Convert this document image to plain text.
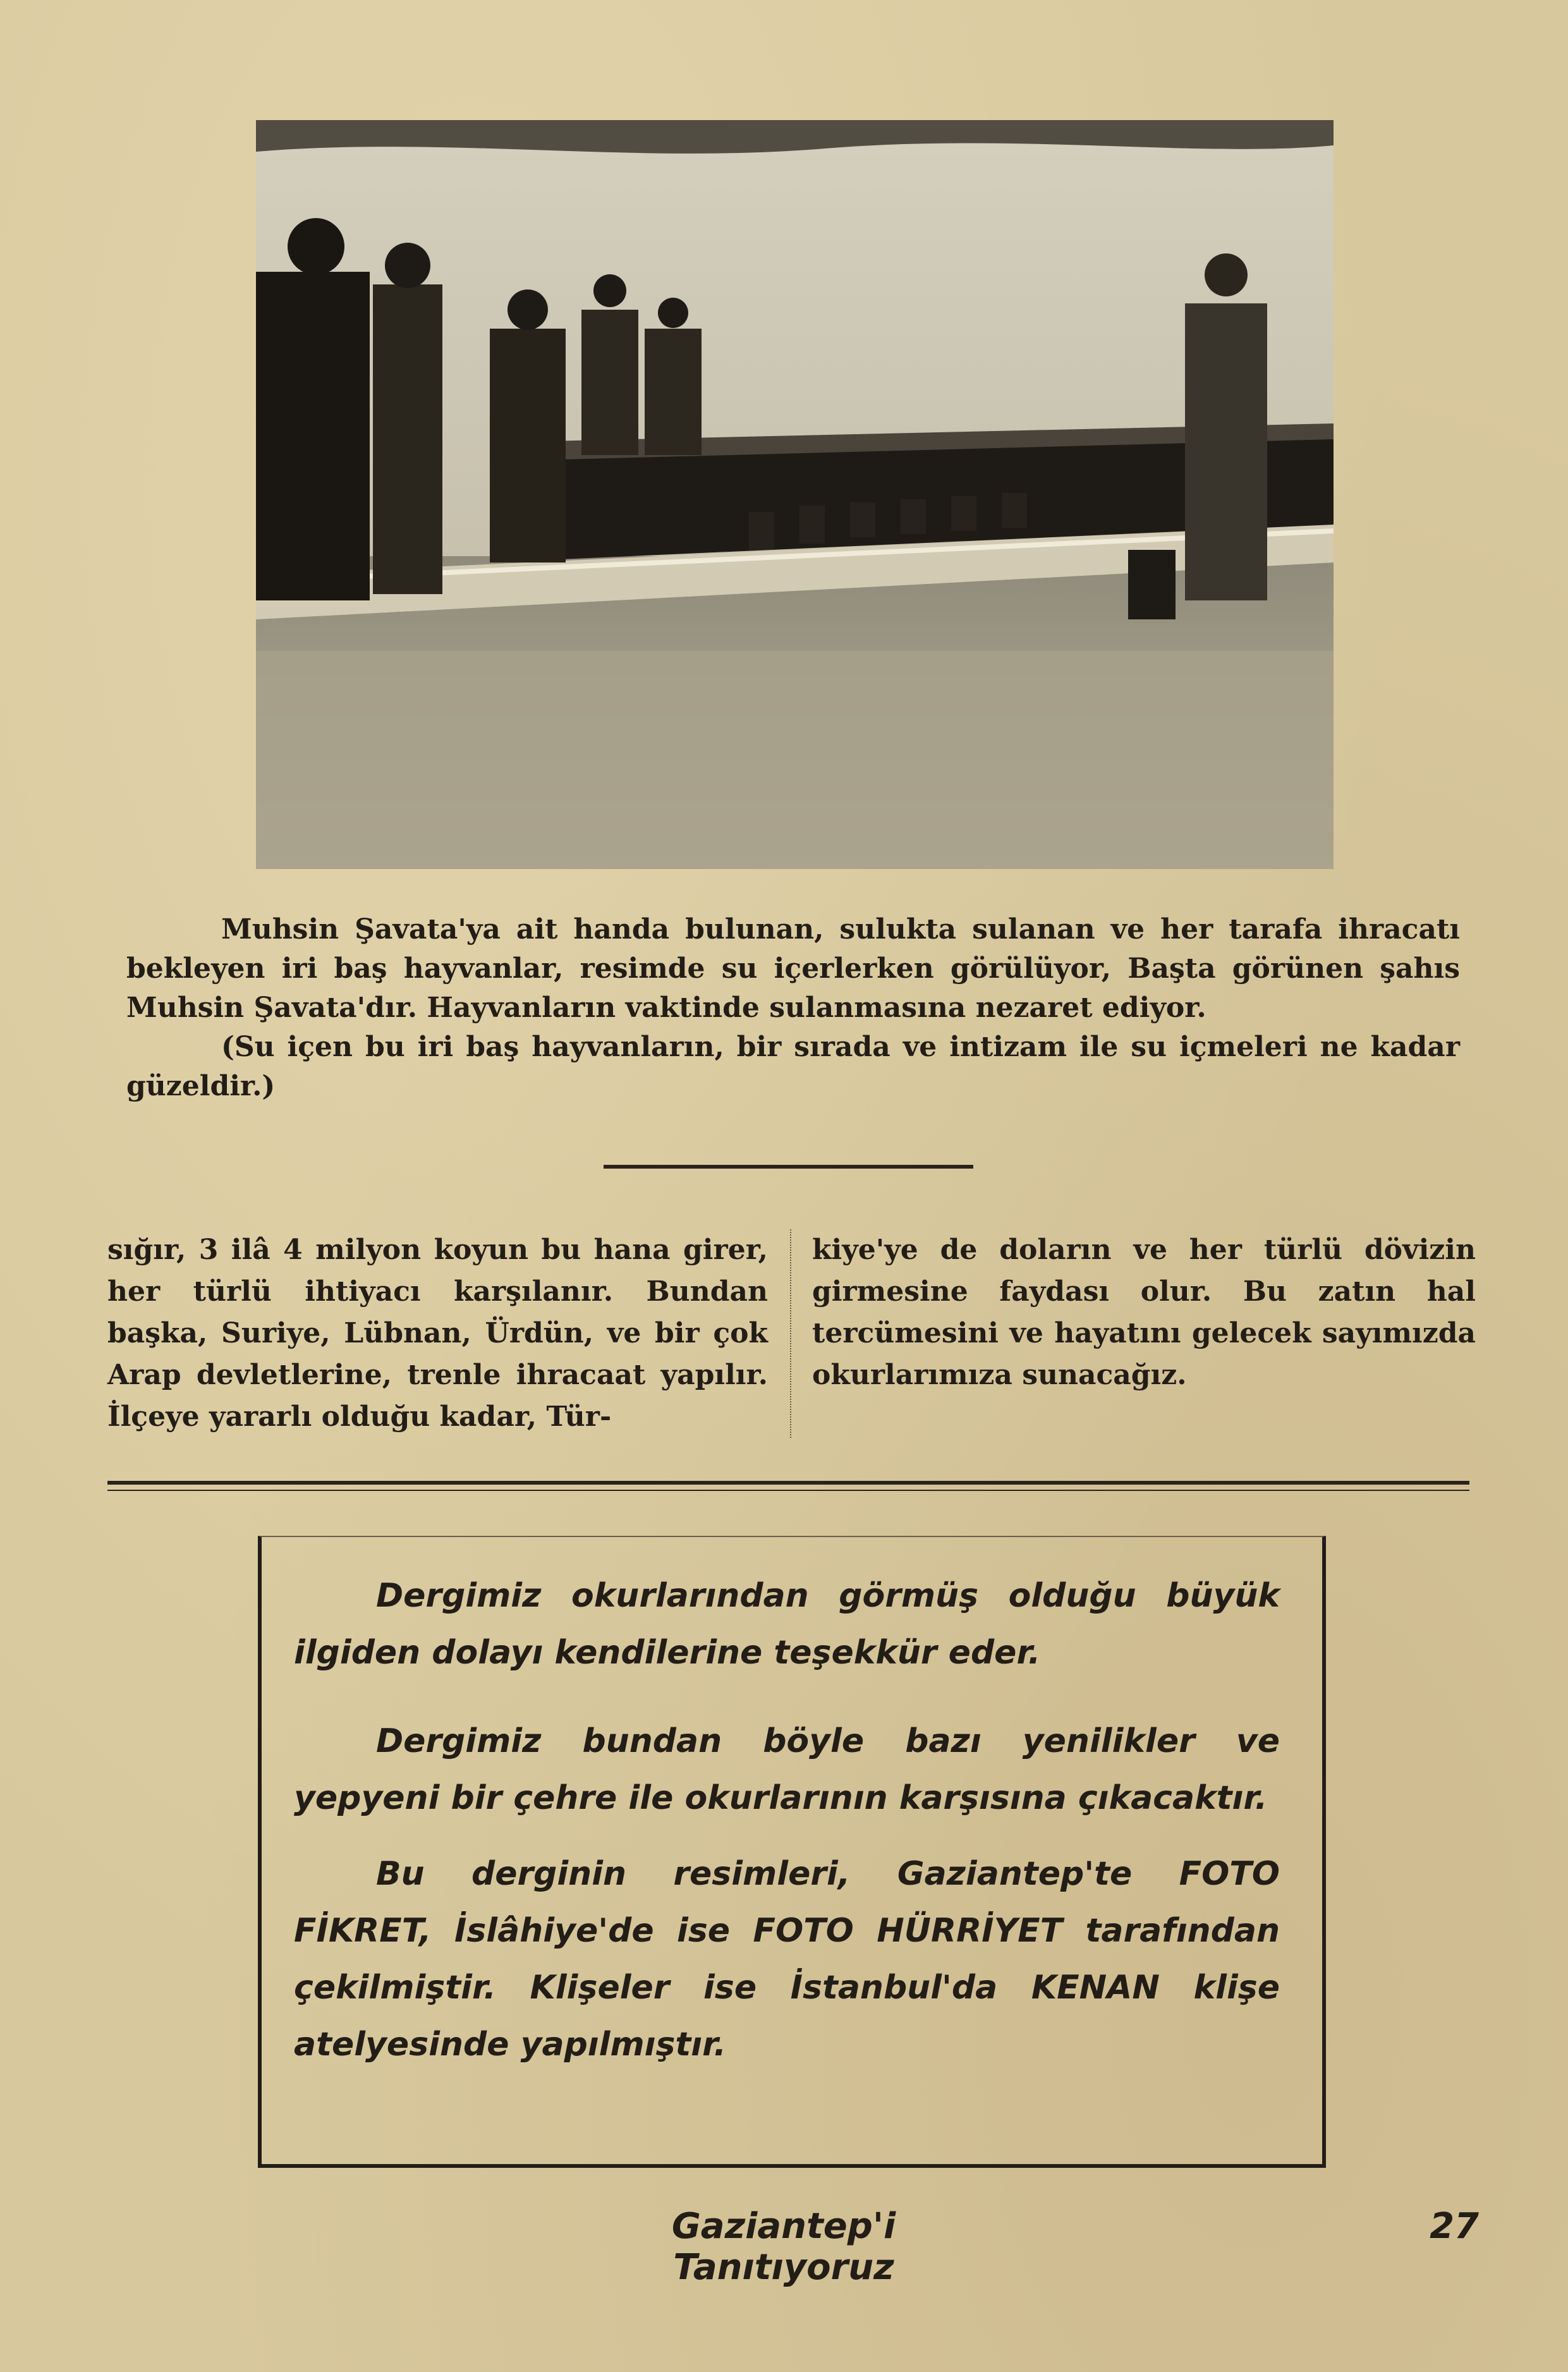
Muhsin Şavata'ya ait handa bulunan, sulukta sulanan ve her tarafa ihracatı bekleyen iri baş hayvanlar, resimde su içerlerken görülüyor, Başta görünen şahıs Muhsin Şavata'dır. Hayvanların vaktinde sulanmasına nezaret ediyor.

(Su içen bu iri baş hayvanların, bir sırada ve intizam ile su içmeleri ne kadar güzeldir.)

sığır, 3 ilâ 4 milyon koyun bu hana girer, her türlü ihtiyacı karşılanır. Bundan başka, Suriye, Lübnan, Ürdün, ve bir çok Arap devletlerine, trenle ihracaat yapılır. İlçeye yararlı olduğu kadar, Tür-

kiye'ye de doların ve her türlü dövizin girmesine faydası olur. Bu zatın hal tercümesini ve hayatını gelecek sayımızda okurlarımıza sunacağız.

Dergimiz okurlarından görmüş olduğu büyük ilgiden dolayı kendilerine teşekkür eder.

Dergimiz bundan böyle bazı yenilikler ve yepyeni bir çehre ile okurlarının karşısına çıkacaktır.

Bu derginin resimleri, Gaziantep'te FOTO FİKRET, İslâhiye'de ise FOTO HÜRRİYET tarafından çekilmiştir. Klişeler ise İstanbul'da KENAN klişe atelyesinde yapılmıştır.

Gaziantep'i Tanıtıyoruz
27
